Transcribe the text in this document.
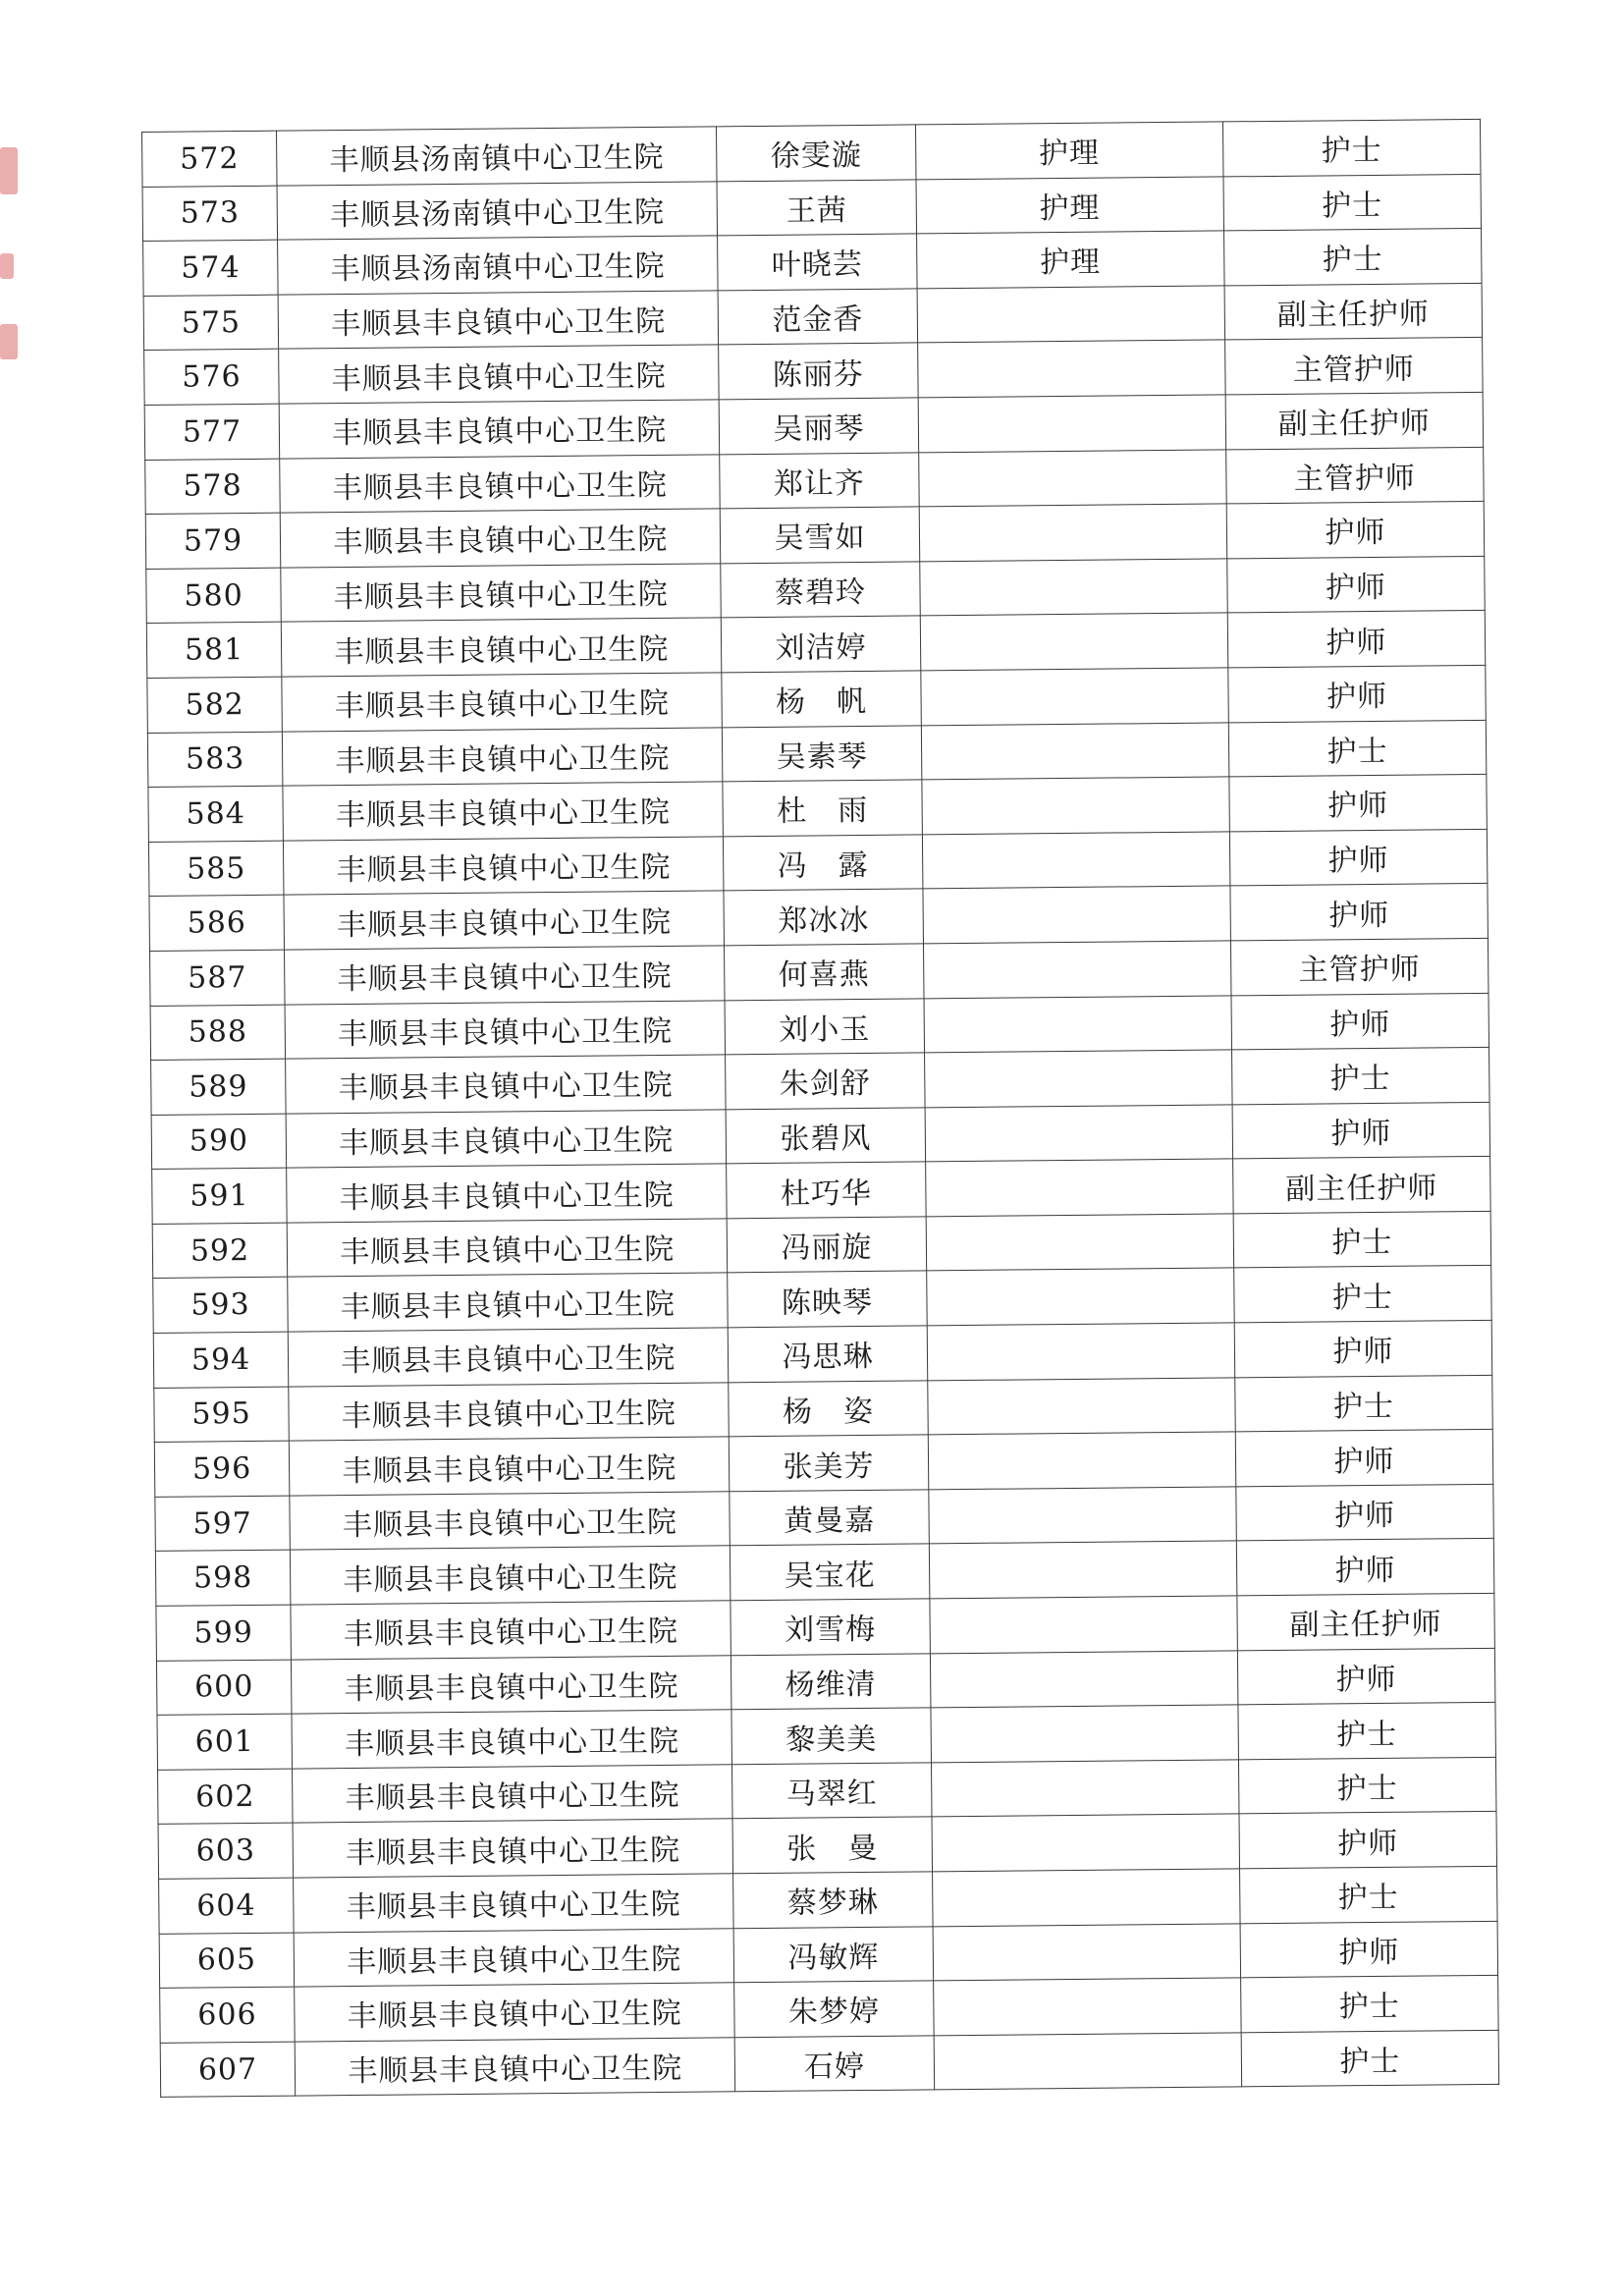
572	丰顺县汤南镇中心卫生院	徐雯漩	护理	护士
573	丰顺县汤南镇中心卫生院	王茜	护理	护士
574	丰顺县汤南镇中心卫生院	叶晓芸	护理	护士
575	丰顺县丰良镇中心卫生院	范金香		副主任护师
576	丰顺县丰良镇中心卫生院	陈丽芬		主管护师
577	丰顺县丰良镇中心卫生院	吴丽琴		副主任护师
578	丰顺县丰良镇中心卫生院	郑让齐		主管护师
579	丰顺县丰良镇中心卫生院	吴雪如		护师
580	丰顺县丰良镇中心卫生院	蔡碧玲		护师
581	丰顺县丰良镇中心卫生院	刘洁婷		护师
582	丰顺县丰良镇中心卫生院	杨　帆		护师
583	丰顺县丰良镇中心卫生院	吴素琴		护士
584	丰顺县丰良镇中心卫生院	杜　雨		护师
585	丰顺县丰良镇中心卫生院	冯　露		护师
586	丰顺县丰良镇中心卫生院	郑冰冰		护师
587	丰顺县丰良镇中心卫生院	何喜燕		主管护师
588	丰顺县丰良镇中心卫生院	刘小玉		护师
589	丰顺县丰良镇中心卫生院	朱剑舒		护士
590	丰顺县丰良镇中心卫生院	张碧风		护师
591	丰顺县丰良镇中心卫生院	杜巧华		副主任护师
592	丰顺县丰良镇中心卫生院	冯丽旋		护士
593	丰顺县丰良镇中心卫生院	陈映琴		护士
594	丰顺县丰良镇中心卫生院	冯思琳		护师
595	丰顺县丰良镇中心卫生院	杨　姿		护士
596	丰顺县丰良镇中心卫生院	张美芳		护师
597	丰顺县丰良镇中心卫生院	黄曼嘉		护师
598	丰顺县丰良镇中心卫生院	吴宝花		护师
599	丰顺县丰良镇中心卫生院	刘雪梅		副主任护师
600	丰顺县丰良镇中心卫生院	杨维清		护师
601	丰顺县丰良镇中心卫生院	黎美美		护士
602	丰顺县丰良镇中心卫生院	马翠红		护士
603	丰顺县丰良镇中心卫生院	张　曼		护师
604	丰顺县丰良镇中心卫生院	蔡梦琳		护士
605	丰顺县丰良镇中心卫生院	冯敏辉		护师
606	丰顺县丰良镇中心卫生院	朱梦婷		护士
607	丰顺县丰良镇中心卫生院	石婷		护士
